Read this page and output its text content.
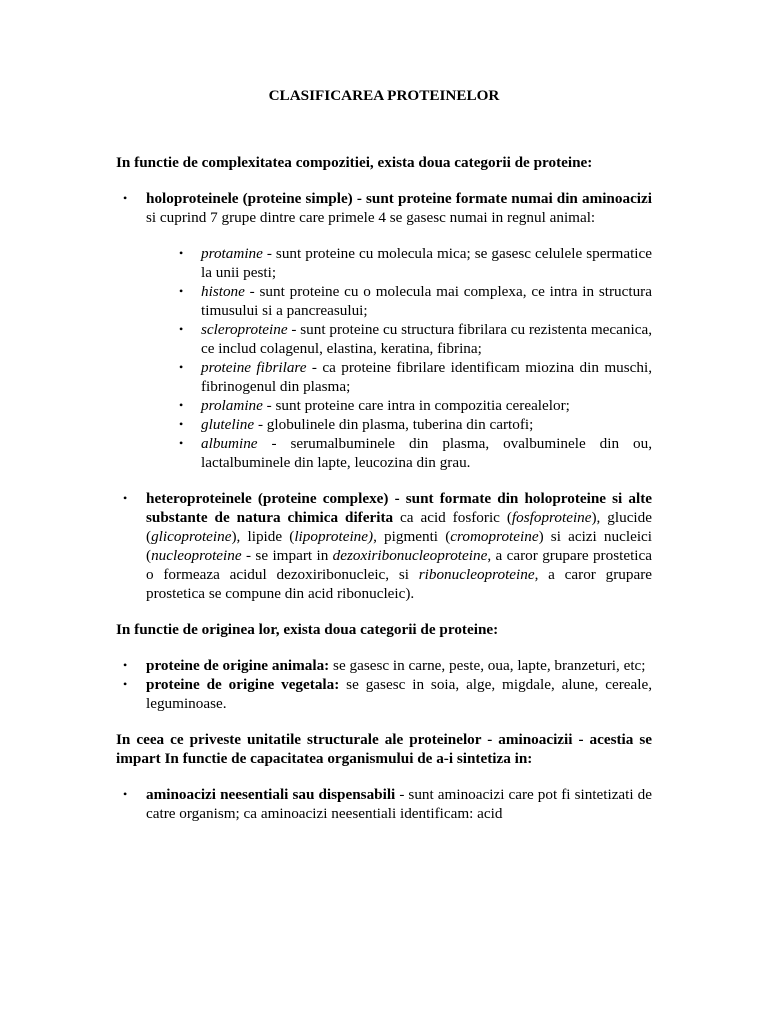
CLASIFICAREA PROTEINELOR

In functie de complexitatea compozitiei, exista doua categorii de proteine:

• holoproteinele (proteine simple) - sunt proteine formate numai din aminoacizi si cuprind 7 grupe dintre care primele 4 se gasesc numai in regnul animal:
• protamine - sunt proteine cu molecula mica; se gasesc celulele spermatice la unii pesti;
• histone - sunt proteine cu o molecula mai complexa, ce intra in structura timusului si a pancreasului;
• scleroproteine - sunt proteine cu structura fibrilara cu rezistenta mecanica, ce includ colagenul, elastina, keratina, fibrina;
• proteine fibrilare - ca proteine fibrilare identificam miozina din muschi, fibrinogenul din plasma;
• prolamine - sunt proteine care intra in compozitia cerealelor;
• gluteline - globulinele din plasma, tuberina din cartofi;
• albumine - serumalbuminele din plasma, ovalbuminele din ou, lactalbuminele din lapte, leucozina din grau.
• heteroproteinele (proteine complexe) - sunt formate din holoproteine si alte substante de natura chimica diferita ca acid fosforic (fosfoproteine), glucide (glicoproteine), lipide (lipoproteine), pigmenti (cromoproteine) si acizi nucleici (nucleoproteine - se impart in dezoxiribonucleoproteine, a caror grupare prostetica o formeaza acidul dezoxiribonucleic, si ribonucleoproteine, a caror grupare prostetica se compune din acid ribonucleic).

In functie de originea lor, exista doua categorii de proteine:

• proteine de origine animala: se gasesc in carne, peste, oua, lapte, branzeturi, etc;
• proteine de origine vegetala: se gasesc in soia, alge, migdale, alune, cereale, leguminoase.

In ceea ce priveste unitatile structurale ale proteinelor - aminoacizii - acestia se impart In functie de capacitatea organismului de a-i sintetiza in:

• aminoacizi neesentiali sau dispensabili - sunt aminoacizi care pot fi sintetizati de catre organism; ca aminoacizi neesentiali identificam: acid
